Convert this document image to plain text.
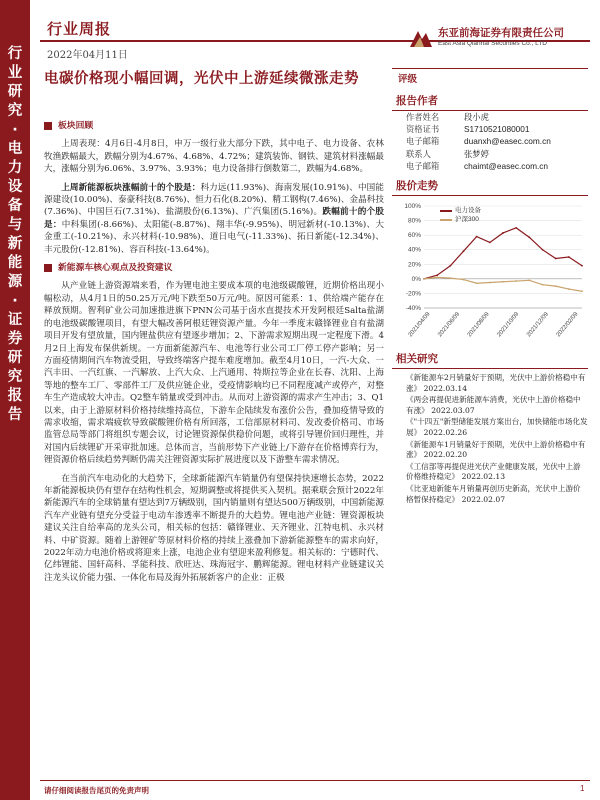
行业研究·电力设备与新能源·证券研究报告
行业周报
2022年04月11日
东亚前海证券有限责任公司
East Asia Qianhai Securities Co., LTD
电碳价格现小幅回调，光伏中上游延续微涨走势
板块回顾

上周表现：4月6日-4月8日，申万一级行业大部分下跌，其中电子、电力设备、农林牧渔跌幅最大，跌幅分别为4.67%、4.68%、4.72%；建筑装饰、钢铁、建筑材料涨幅最大，涨幅分别为6.06%、3.97%、3.93%；电力设备排行倒数第二，跌幅为4.68%。

上周新能源板块涨幅前十的个股是：科力远(11.93%)、海南发展(10.91%)、中国能源建设(10.00%)、泰豪科技(8.76%)、恒力石化(8.20%)、精工钢构(7.46%)、金晶科技(7.36%)、中国巨石(7.31%)、盐湖股份(6.13%)、广汽集团(5.16%)。跌幅前十的个股是：中科集团(-8.66%)、太阳能(-8.87%)、翔丰华(-9.95%)、明冠新材(-10.13%)、大金重工(-10.21%)、永兴材料(-10.98%)、道日电气(-11.33%)、拓日新能(-12.34%)、丰元股份(-12.81%)、容百科技(-13.64%)。

新能源车核心观点及投资建议

从产业链上游资源端来看，作为锂电池主要成本项的电池级碳酸锂，近期价格出现小幅松动，从4月1日的50.25万元/吨下跌至50万元/吨。原因可能系：1、供给端产能存在释放预期。智利矿业公司加速推进旗下PNN公司基于卤水直提技术开发阿根廷Salta盐湖的电池级碳酸锂项目，有望大幅改善阿根廷锂资源产量。今年一季度末赣锋锂业自有盐湖项目开发有望放量，国内锂盐供应有望逐步增加；2、下游需求短期出现一定程度下滑。4月2日上海发布保供新规。一方面新能源汽车、电池等行业公司工厂停工停产影响；另一方面疫情期间汽车物流受阻，导致终端客户提车难度增加。截至4月10日，一汽-大众、一汽丰田、一汽红旗、一汽解放、上汽大众、上汽通用、特斯拉等企业在长春、沈阳、上海等地的整车工厂、零部件工厂及供应链企业，受疫情影响均已不同程度减产或停产，对整车生产造成较大冲击。Q2整车销量或受到冲击。从而对上游资源的需求产生冲击；3、Q1以来，由于上游原材料价格持续维持高位，下游车企陆续发布涨价公告，叠加疫情导致的需求收缩，需求端疲软导致碳酸锂价格有所回落，工信部原材料司、发改委价格司、市场监管总局等部门将组织专题会议，讨论锂资源保供稳价问题，或将引导锂价回归理性，并对国内后续锂矿开采审批加速。总体而言，当前形势下产业链上/下游存在价格博弈行为，锂资源价格后续趋势判断仍需关注锂资源实际扩展进度以及下游整车需求情况。

在当前汽车电动化的大趋势下，全球新能源汽车销量仍有望保持快速增长态势，2022年新能源板块仍有望存在结构性机会，短期调整或将提供买入契机。据乘联会预计2022年新能源汽车的全球销量有望达到7万辆级别，国内销量则有望达500万辆级别，中国新能源汽车产业链有望充分受益于电动车渗透率不断提升的大趋势。锂电池产业链：锂资源板块建议关注自给率高的龙头公司，相关标的包括：赣锋锂业、天齐锂业、江特电机、永兴材料、中矿资源。随着上游锂矿等原材料价格的持续上涨叠加下游新能源整车的需求向好，2022年动力电池价格或将迎来上涨，电池企业有望迎来盈利修复。相关标的：宁德时代、亿纬锂能、国轩高科、孚能科技、欣旺达、珠海冠宇、鹏辉能源。锂电材料产业链建议关注龙头议价能力强、一体化布局及海外拓展新客户的企业：正极

评级
报告作者
作者姓名	段小虎
资格证书	S1710521080001
电子邮箱	duanxh@easec.com.cn
联系人	张梦婷
电子邮箱	chaimt@easec.com.cn
股价走势
100%
80%
60%
40%
20%
0%
-20%
-40%
2021/04/09 2021/06/09 2021/08/09 2021/10/09 2021/12/09 2022/02/09
电力设备
沪深300
相关研究
《新能源车2月销量好于预期，光伏中上游价格稳中有涨》 2022.03.14
《两会再提促进新能源车消费，光伏中上游价格稳中有涨》 2022.03.07
《"十四五"新型储能发展方案出台，加快储能市场化发展》 2022.02.26
《新能源车1月销量好于预期，光伏中上游价格稳中有涨》 2022.02.20
《工信部等再提促进光伏产业健康发展，光伏中上游价格维持稳定》 2022.02.13
《比亚迪新能车月销量再创历史新高，光伏中上游价格暂保持稳定》 2022.02.07
请仔细阅读报告尾页的免责声明	1
